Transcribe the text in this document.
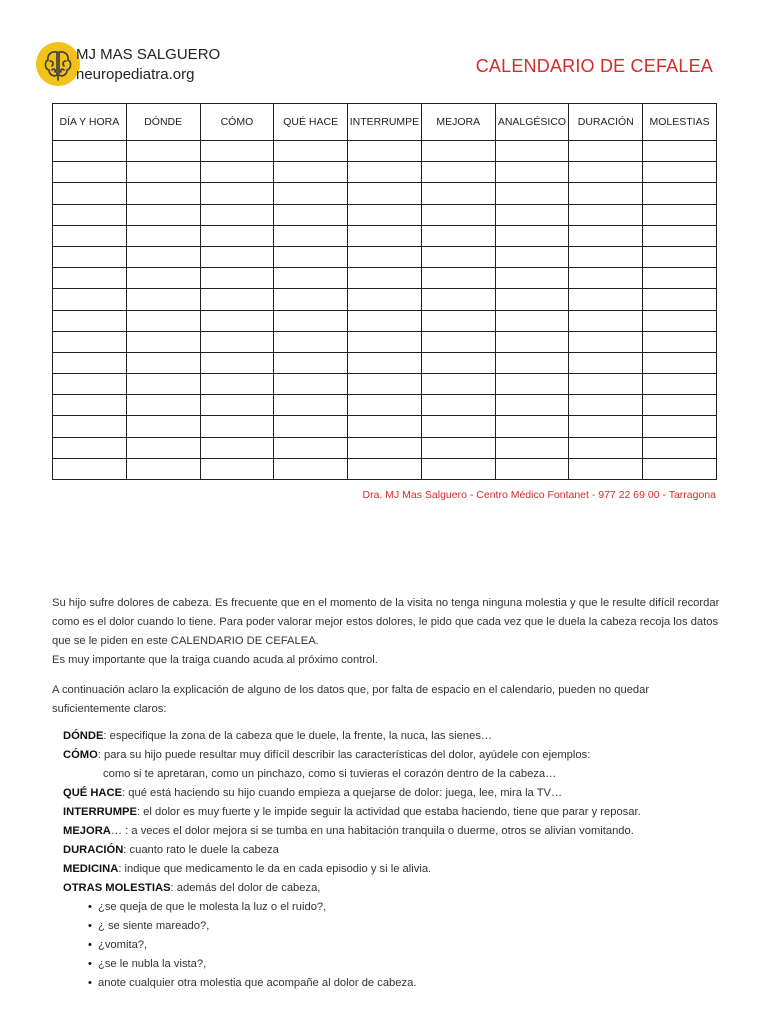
MJ MAS SALGUERO
neuropediatra.org	CALENDARIO DE CEFALEA
DÍA Y HORA	DÓNDE	CÓMO	QUÉ HACE	INTERRUMPE	MEJORA	ANALGÉSICO	DURACIÓN	MOLESTIAS

Dra. MJ Mas Salguero - Centro Médico Fontanet - 977 22 69 00 - Tarragona

Su hijo sufre dolores de cabeza. Es frecuente que en el momento de la visita no tenga ninguna molestia y que le resulte difícil recordar como es el dolor cuando lo tiene. Para poder valorar mejor estos dolores, le pido que cada vez que le duela la cabeza recoja los datos que se le piden en este CALENDARIO DE CEFALEA.

Es muy importante que la traiga cuando acuda al próximo control.

A continuación aclaro la explicación de alguno de los datos que, por falta de espacio en el calendario, pueden no quedar suficientemente claros:

DÓNDE: especifique la zona de la cabeza que le duele, la frente, la nuca, las sienes…
CÓMO: para su hijo puede resultar muy difícil describir las características del dolor, ayúdele con ejemplos:
como si te apretaran, como un pinchazo, como si tuvieras el corazón dentro de la cabeza…
QUÉ HACE: qué está haciendo su hijo cuando empieza a quejarse de dolor: juega, lee, mira la TV…
INTERRUMPE: el dolor es muy fuerte y le impide seguir la actividad que estaba haciendo, tiene que parar y reposar.
MEJORA… : a veces el dolor mejora si se tumba en una habitación tranquila o duerme, otros se alivian vomitando.
DURACIÓN: cuanto rato le duele la cabeza
MEDICINA: indique que medicamento le da en cada episodio y si le alivia.
OTRAS MOLESTIAS: además del dolor de cabeza,
• ¿se queja de que le molesta la luz o el ruido?,
• ¿ se siente mareado?,
• ¿vomita?,
• ¿se le nubla la vista?,
• anote cualquier otra molestia que acompañe al dolor de cabeza.
